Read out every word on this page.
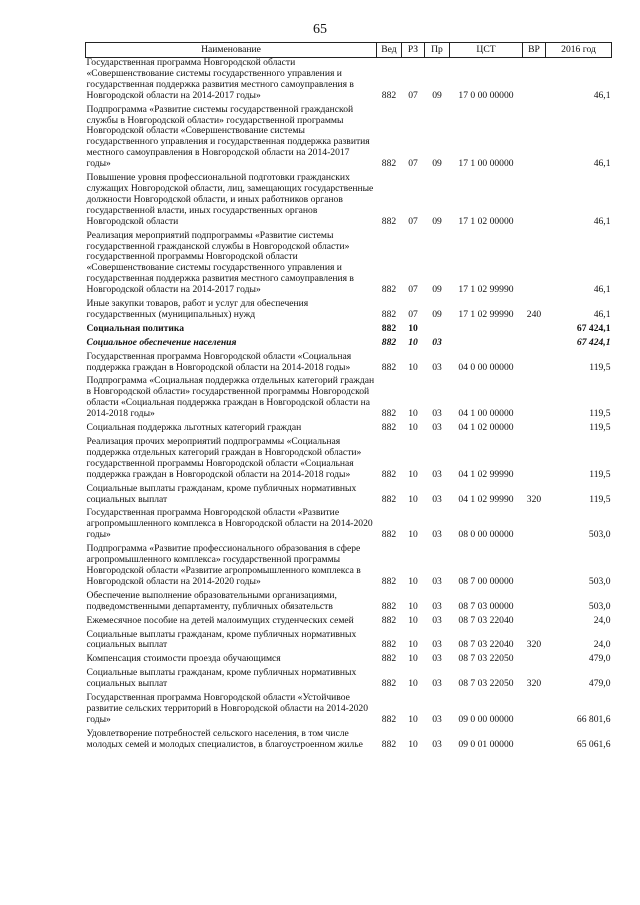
65
Наименование	Вед	РЗ	Пр	ЦСТ	ВР	2016 год
Государственная программа Новгородской области «Совершенствование системы государственного управления и государственная поддержка развития местного самоуправления в Новгородской области на 2014-2017 годы»	882	07	09	17 0 00 00000		46,1
Подпрограмма «Развитие системы государственной гражданской службы в Новгородской области» государственной программы Новгородской области «Совершенствование системы государственного управления и государственная поддержка развития местного самоуправления в Новгородской области на 2014-2017 годы»	882	07	09	17 1 00 00000		46,1
Повышение уровня профессиональной подготовки гражданских служащих Новгородской области, лиц, замещающих государственные должности Новгородской области, и иных работников органов государственной власти, иных государственных органов Новгородской области	882	07	09	17 1 02 00000		46,1
Реализация мероприятий подпрограммы «Развитие системы государственной гражданской службы в Новгородской области» государственной программы Новгородской области «Совершенствование системы государственного управления и государственная поддержка развития местного самоуправления в Новгородской области на 2014-2017 годы»	882	07	09	17 1 02 99990		46,1
Иные закупки товаров, работ и услуг для обеспечения государственных (муниципальных) нужд	882	07	09	17 1 02 99990	240	46,1
Социальная политика	882	10				67 424,1
Социальное обеспечение населения	882	10	03			67 424,1
Государственная программа Новгородской области «Социальная поддержка граждан в Новгородской области на 2014-2018 годы»	882	10	03	04 0 00 00000		119,5
Подпрограмма «Социальная поддержка отдельных категорий граждан в Новгородской области» государственной программы Новгородской области «Социальная поддержка граждан в Новгородской области на 2014-2018 годы»	882	10	03	04 1 00 00000		119,5
Социальная поддержка льготных категорий граждан	882	10	03	04 1 02 00000		119,5
Реализация прочих мероприятий подпрограммы «Социальная поддержка отдельных категорий граждан в Новгородской области» государственной программы Новгородской области «Социальная поддержка граждан в Новгородской области на 2014-2018 годы»	882	10	03	04 1 02 99990		119,5
Социальные выплаты гражданам, кроме публичных нормативных социальных выплат	882	10	03	04 1 02 99990	320	119,5
Государственная программа Новгородской области «Развитие агропромышленного комплекса в Новгородской области на 2014-2020 годы»	882	10	03	08 0 00 00000		503,0
Подпрограмма «Развитие профессионального образования в сфере агропромышленного комплекса» государственной программы Новгородской области «Развитие агропромышленного комплекса в Новгородской области на 2014-2020 годы»	882	10	03	08 7 00 00000		503,0
Обеспечение выполнение образовательными организациями, подведомственными департаменту, публичных обязательств	882	10	03	08 7 03 00000		503,0
Ежемесячное пособие на детей малоимущих студенческих семей	882	10	03	08 7 03 22040		24,0
Социальные выплаты гражданам, кроме публичных нормативных социальных выплат	882	10	03	08 7 03 22040	320	24,0
Компенсация стоимости проезда обучающимся	882	10	03	08 7 03 22050		479,0
Социальные выплаты гражданам, кроме публичных нормативных социальных выплат	882	10	03	08 7 03 22050	320	479,0
Государственная программа Новгородской области «Устойчивое развитие сельских территорий в Новгородской области на 2014-2020 годы»	882	10	03	09 0 00 00000		66 801,6
Удовлетворение потребностей сельского населения, в том числе молодых семей и молодых специалистов, в благоустроенном жилье	882	10	03	09 0 01 00000		65 061,6
